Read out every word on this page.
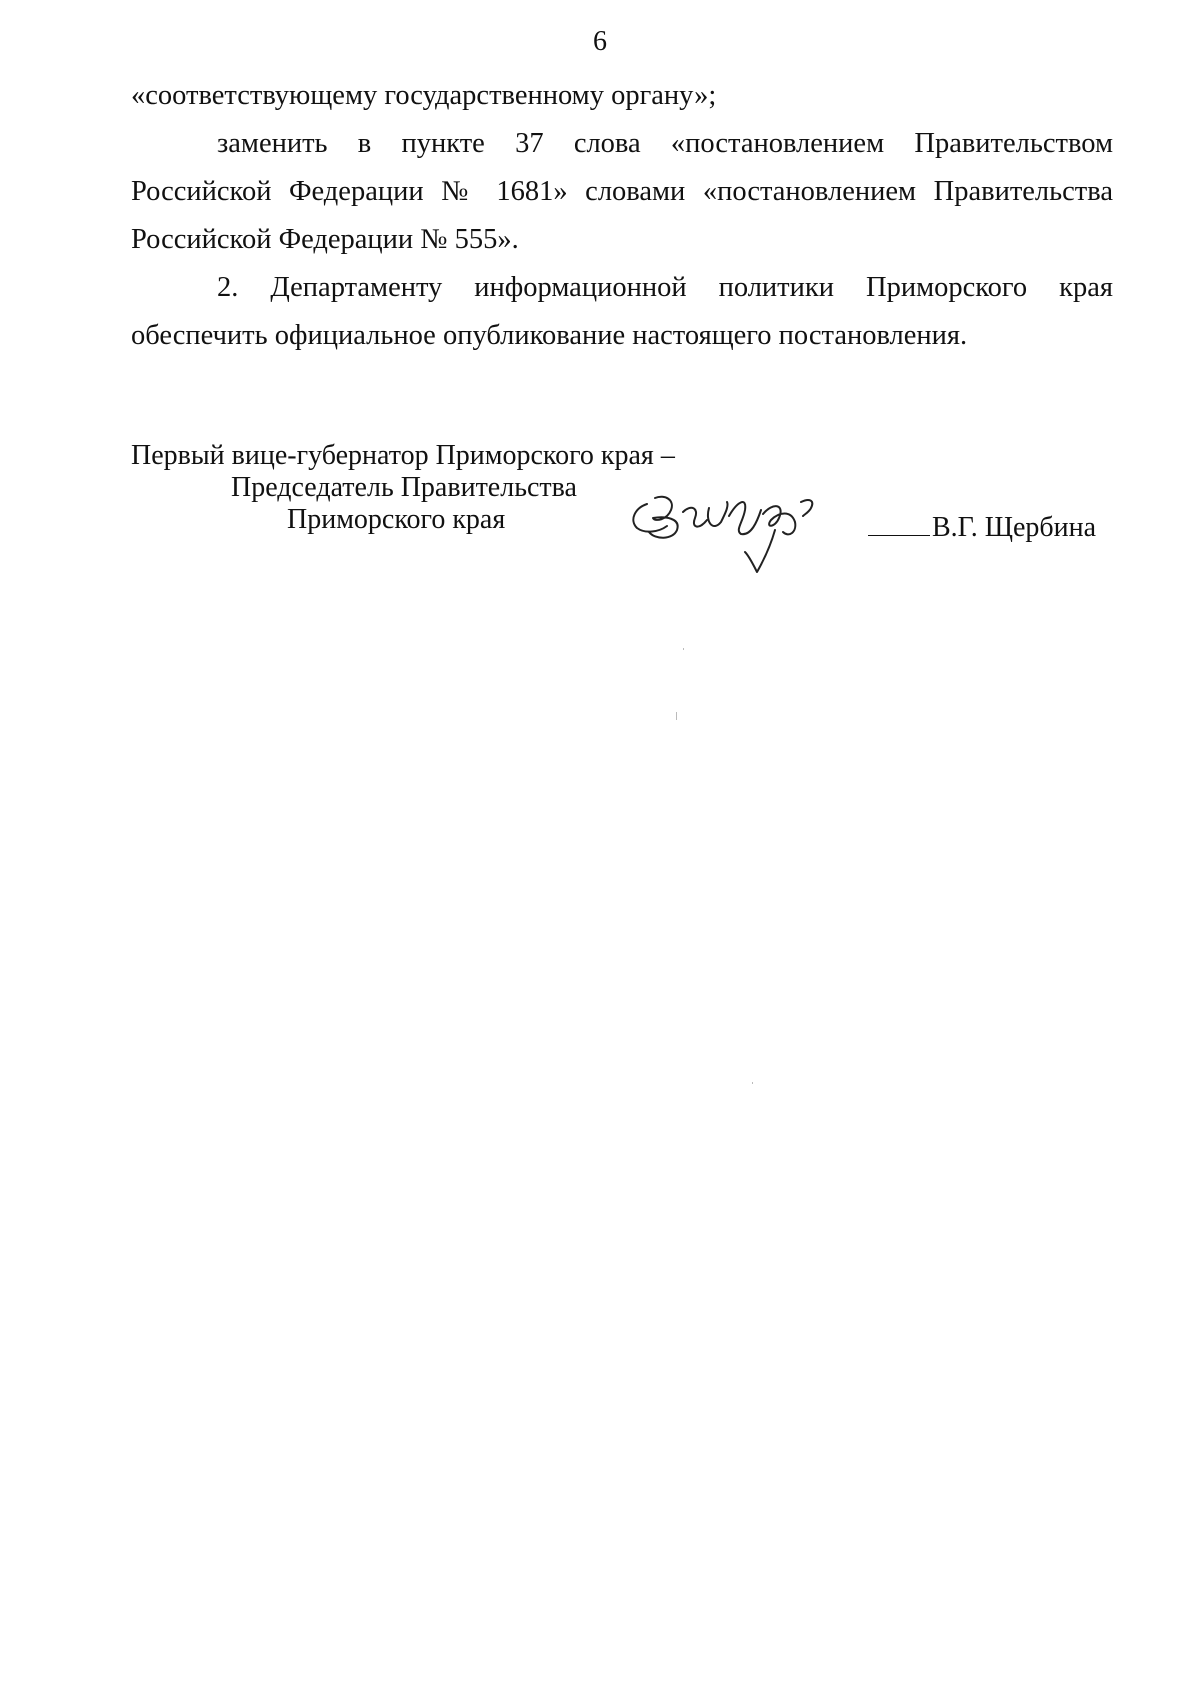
6

«соответствующему государственному органу»;

заменить в пункте 37 слова «постановлением Правительством

Российской Федерации № 1681» словами «постановлением Правительства

Российской Федерации № 555».

2. Департаменту информационной политики Приморского края

обеспечить официальное опубликование настоящего постановления.

Первый вице-губернатор Приморского края –
Председатель Правительства
Приморского края	В.Г. Щербина
